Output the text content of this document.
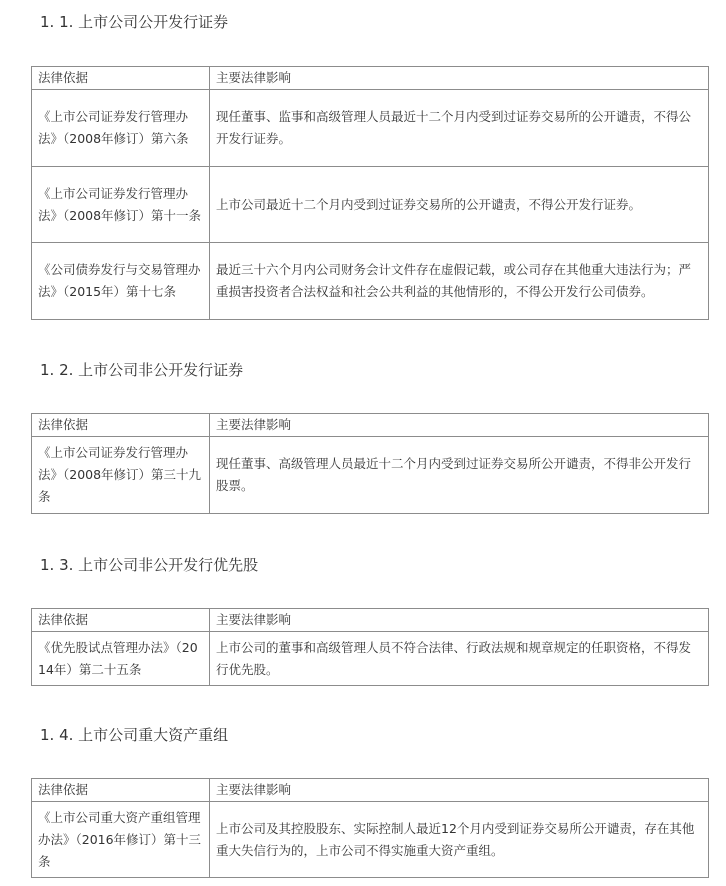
1. 1. 上市公司公开发行证券
法律依据	主要法律影响
《上市公司证券发行管理办法》（2008年修订）第六条	现任董事、监事和高级管理人员最近十二个月内受到过证券交易所的公开谴责，不得公开发行证券。
《上市公司证券发行管理办法》（2008年修订）第十一条	上市公司最近十二个月内受到过证券交易所的公开谴责，不得公开发行证券。
《公司债券发行与交易管理办法》（2015年）第十七条	最近三十六个月内公司财务会计文件存在虚假记载，或公司存在其他重大违法行为；严重损害投资者合法权益和社会公共利益的其他情形的，不得公开发行公司债券。
1. 2. 上市公司非公开发行证券
法律依据	主要法律影响
《上市公司证券发行管理办法》（2008年修订）第三十九条	现任董事、高级管理人员最近十二个月内受到过证券交易所公开谴责，不得非公开发行股票。
1. 3. 上市公司非公开发行优先股
法律依据	主要法律影响
《优先股试点管理办法》（2014年）第二十五条	上市公司的董事和高级管理人员不符合法律、行政法规和规章规定的任职资格，不得发行优先股。
1. 4. 上市公司重大资产重组
法律依据	主要法律影响
《上市公司重大资产重组管理办法》（2016年修订）第十三条	上市公司及其控股股东、实际控制人最近12个月内受到证券交易所公开谴责，存在其他重大失信行为的，上市公司不得实施重大资产重组。
